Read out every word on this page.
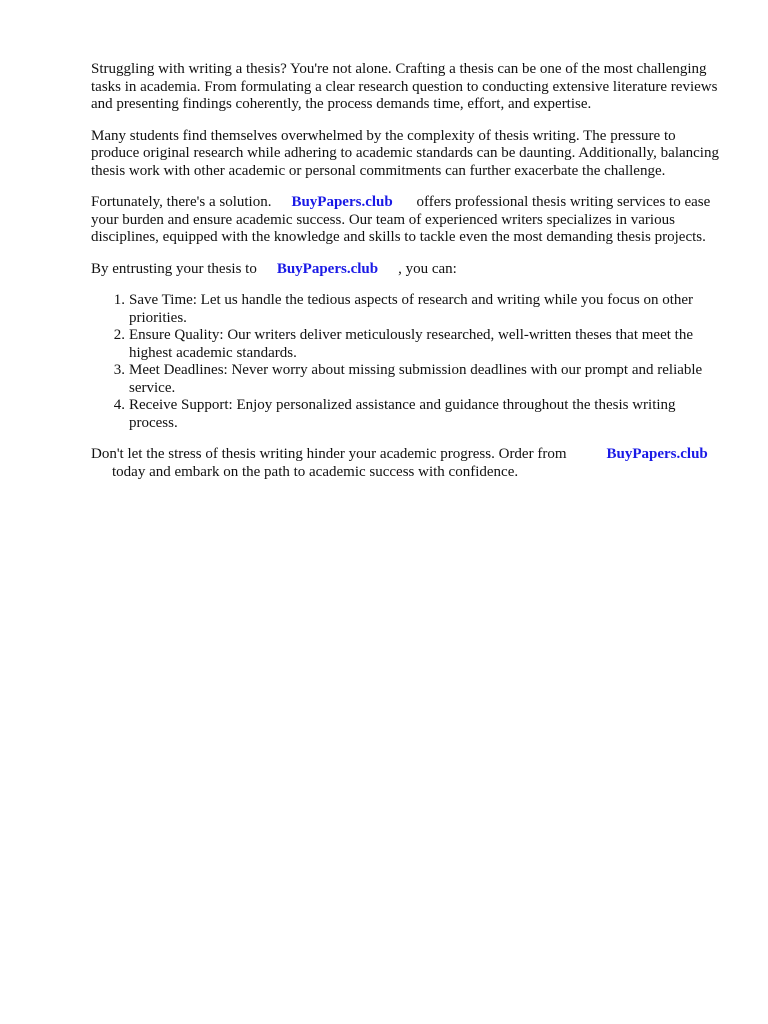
Struggling with writing a thesis? You're not alone. Crafting a thesis can be one of the most challenging tasks in academia. From formulating a clear research question to conducting extensive literature reviews and presenting findings coherently, the process demands time, effort, and expertise.

Many students find themselves overwhelmed by the complexity of thesis writing. The pressure to produce original research while adhering to academic standards can be daunting. Additionally, balancing thesis work with other academic or personal commitments can further exacerbate the challenge.

Fortunately, there's a solution. BuyPapers.club offers professional thesis writing services to ease your burden and ensure academic success. Our team of experienced writers specializes in various disciplines, equipped with the knowledge and skills to tackle even the most demanding thesis projects.

By entrusting your thesis to BuyPapers.club , you can:

1. Save Time: Let us handle the tedious aspects of research and writing while you focus on other priorities.
2. Ensure Quality: Our writers deliver meticulously researched, well-written theses that meet the highest academic standards.
3. Meet Deadlines: Never worry about missing submission deadlines with our prompt and reliable service.
4. Receive Support: Enjoy personalized assistance and guidance throughout the thesis writing process.

Don't let the stress of thesis writing hinder your academic progress. Order from	BuyPapers.club
today and embark on the path to academic success with confidence.
